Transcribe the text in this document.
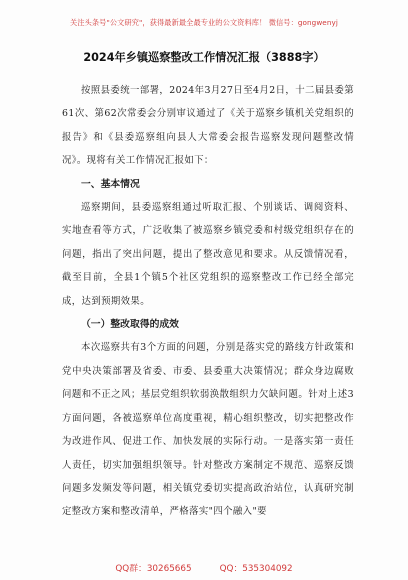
关注头条号"公文研究"，获得最新最全最专业的公文资料库！ 微信号：gongwenyj
2024年乡镇巡察整改工作情况汇报（3888字）

按照县委统一部署，2024年3月27日至4月2日，十二届县委第61次、第62次常委会分别审议通过了《关于巡察乡镇机关党组织的报告》和《县委巡察组向县人大常委会报告巡察发现问题整改情况》。现将有关工作情况汇报如下：

一、基本情况

巡察期间，县委巡察组通过听取汇报、个别谈话、调阅资料、实地查看等方式，广泛收集了被巡察乡镇党委和村级党组织存在的问题，指出了突出问题，提出了整改意见和要求。从反馈情况看，截至目前，全县1个镇5个社区党组织的巡察整改工作已经全部完成，达到预期效果。

（一）整改取得的成效

本次巡察共有3个方面的问题，分别是落实党的路线方针政策和党中央决策部署及省委、市委、县委重大决策情况；群众身边腐败问题和不正之风；基层党组织软弱涣散组织力欠缺问题。针对上述3方面问题，各被巡察单位高度重视，精心组织整改，切实把整改作为改进作风、促进工作、加快发展的实际行动。一是落实第一责任人责任，切实加强组织领导。针对整改方案制定不规范、巡察反馈问题多发频发等问题，相关镇党委切实提高政治站位，认真研究制定整改方案和整改清单，严格落实"四个融入"要

QQ群：30265665	QQ：535304092
